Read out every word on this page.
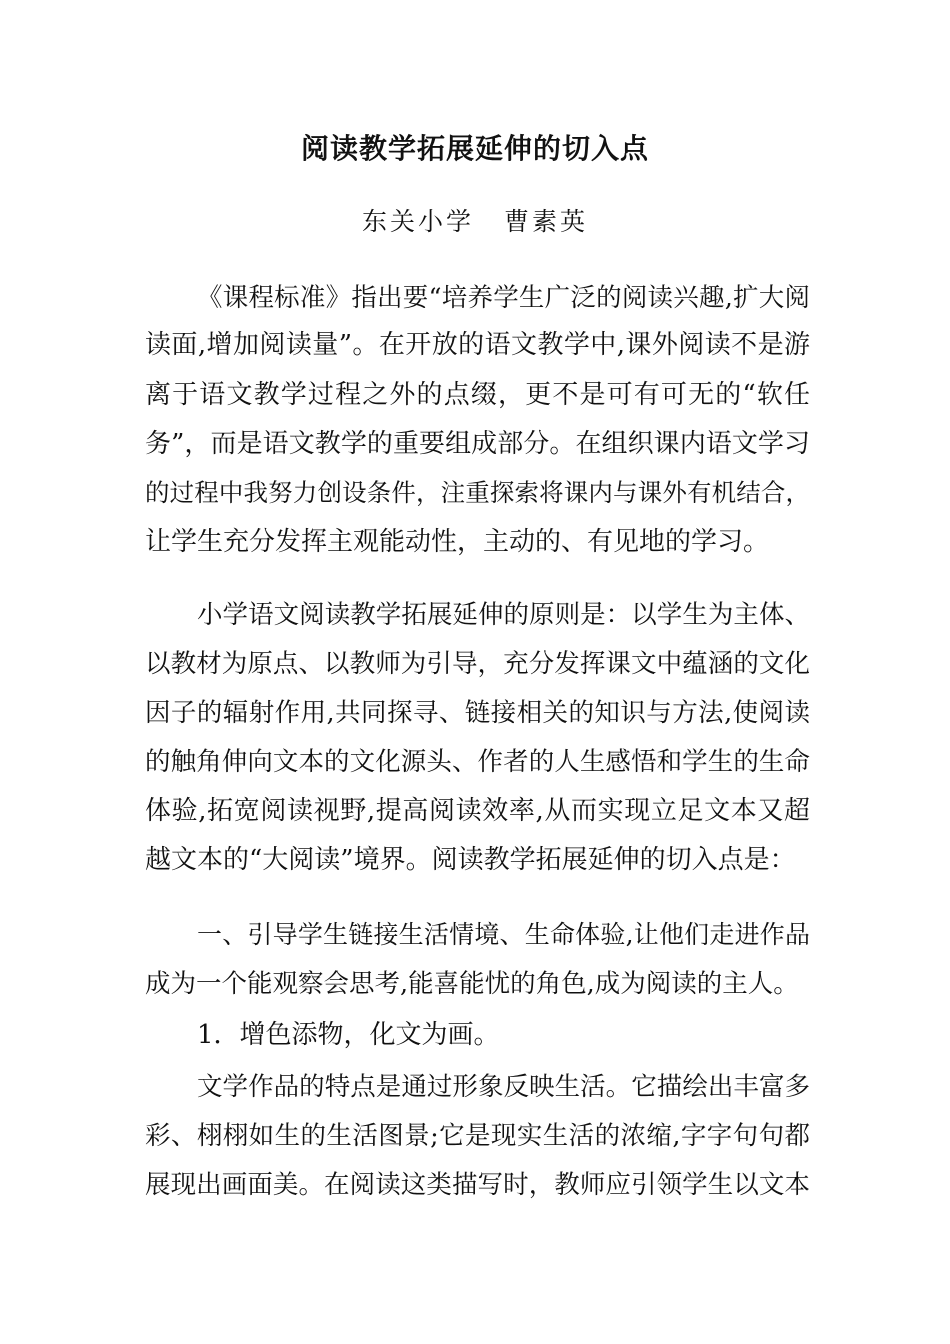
阅读教学拓展延伸的切入点
东关小学 曹素英
《课程标准》指出要“培养学生广泛的阅读兴趣,扩大阅
读面,增加阅读量”。在开放的语文教学中,课外阅读不是游
离于语文教学过程之外的点缀，更不是可有可无的“软任
务”，而是语文教学的重要组成部分。在组织课内语文学习
的过程中我努力创设条件，注重探索将课内与课外有机结合，
让学生充分发挥主观能动性，主动的、有见地的学习。
小学语文阅读教学拓展延伸的原则是：以学生为主体、
以教材为原点、以教师为引导，充分发挥课文中蕴涵的文化
因子的辐射作用,共同探寻、链接相关的知识与方法,使阅读
的触角伸向文本的文化源头、作者的人生感悟和学生的生命
体验,拓宽阅读视野,提高阅读效率,从而实现立足文本又超
越文本的“大阅读”境界。阅读教学拓展延伸的切入点是：
一、引导学生链接生活情境、生命体验,让他们走进作品
成为一个能观察会思考,能喜能忧的角色,成为阅读的主人。
1．增色添物，化文为画。
文学作品的特点是通过形象反映生活。它描绘出丰富多
彩、栩栩如生的生活图景;它是现实生活的浓缩,字字句句都
展现出画面美。在阅读这类描写时，教师应引领学生以文本
